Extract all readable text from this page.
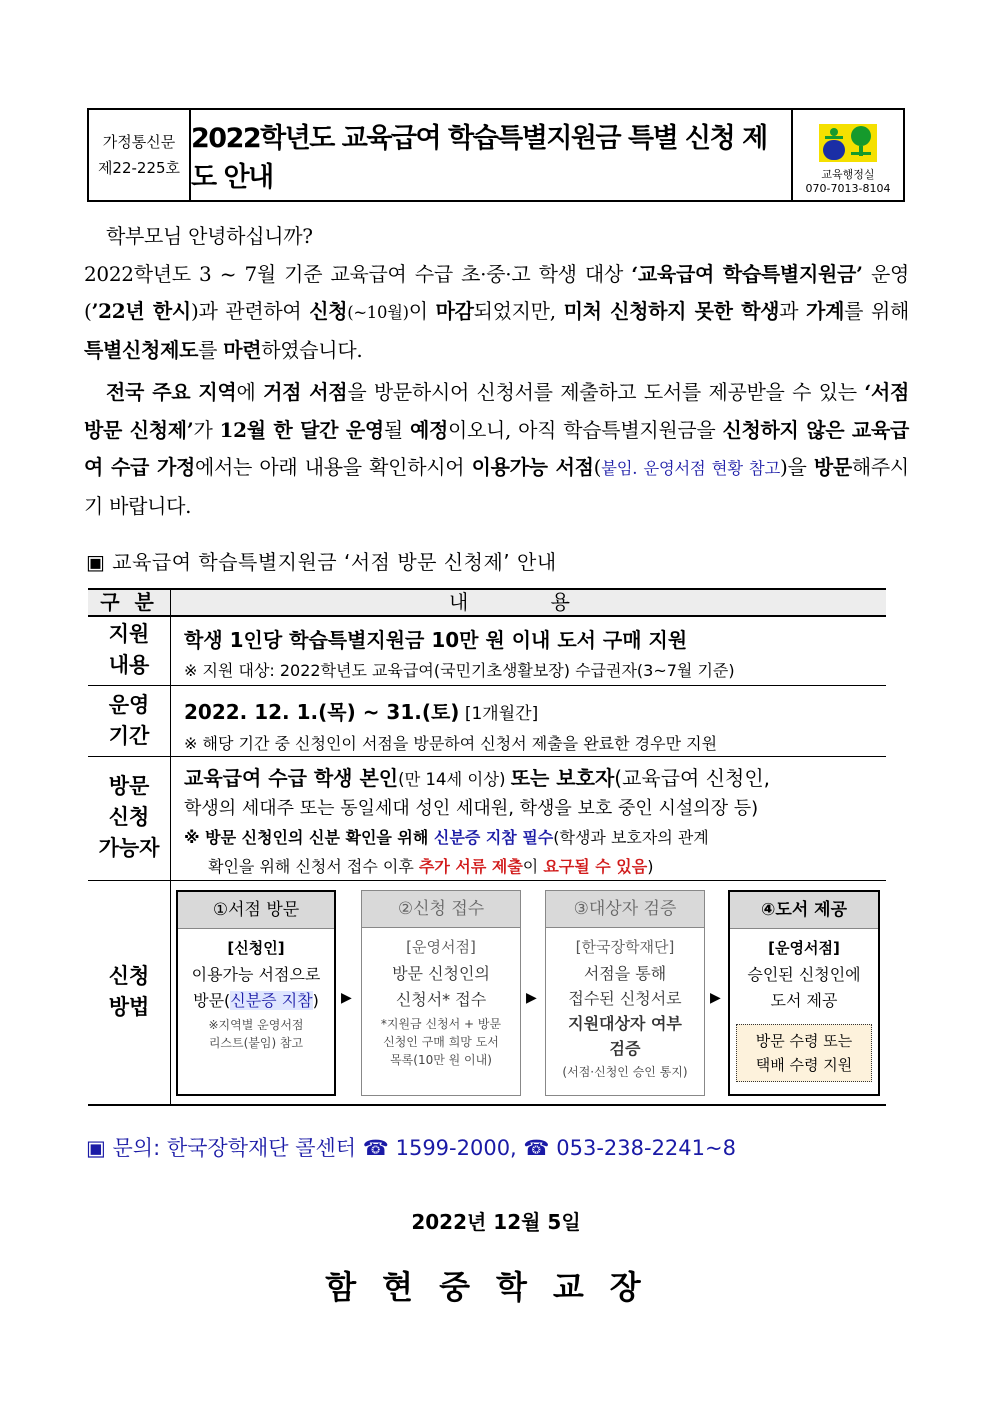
가정통신문
제22-225호
2022학년도 교육급여 학습특별지원금 특별 신청 제도 안내	교육행정실
070-7013-8104

학부모님 안녕하십니까?

2022학년도 3 ~ 7월 기준 교육급여 수급 초·중·고 학생 대상 ‘교육급여 학습특별지원금’ 운영(’22년 한시)과 관련하여 신청(~10월)이 마감되었지만, 미처 신청하지 못한 학생과 가계를 위해 특별신청제도를 마련하였습니다.

전국 주요 지역에 거점 서점을 방문하시어 신청서를 제출하고 도서를 제공받을 수 있는 ‘서점 방문 신청제’가 12월 한 달간 운영될 예정이오니, 아직 학습특별지원금을 신청하지 않은 교육급여 수급 가정에서는 아래 내용을 확인하시어 이용가능 서점(붙임. 운영서점 현황 참고)을 방문해주시기 바랍니다.

▣ 교육급여 학습특별지원금 ‘서점 방문 신청제’ 안내
구 분	내 용
지원
내용
학생 1인당 학습특별지원금 10만 원 이내 도서 구매 지원
※ 지원 대상: 2022학년도 교육급여(국민기초생활보장) 수급권자(3~7월 기준)
운영
기간
2022. 12. 1.(목) ~ 31.(토) [1개월간]
※ 해당 기간 중 신청인이 서점을 방문하여 신청서 제출을 완료한 경우만 지원
방문
신청
가능자
교육급여 수급 학생 본인(만 14세 이상) 또는 보호자(교육급여 신청인,
학생의 세대주 또는 동일세대 성인 세대원, 학생을 보호 중인 시설의장 등)
※ 방문 신청인의 신분 확인을 위해 신분증 지참 필수(학생과 보호자의 관계
확인을 위해 신청서 접수 이후 추가 서류 제출이 요구될 수 있음)
신청
방법
①서점 방문
[신청인]
이용가능 서점으로
방문(신분증 지참)
※지역별 운영서점
리스트(붙임) 참고
▶
②신청 접수
[운영서점]
방문 신청인의
신청서* 접수
*지원금 신청서 + 방문
신청인 구매 희망 도서
목록(10만 원 이내)
▶
③대상자 검증
[한국장학재단]
서점을 통해
접수된 신청서로
지원대상자 여부
검증
(서점·신청인 승인 통지)
▶
④도서 제공
[운영서점]
승인된 신청인에
도서 제공
방문 수령 또는
택배 수령 지원
▣ 문의: 한국장학재단 콜센터 ☎ 1599-2000, ☎ 053-238-2241~8
2022년 12월 5일
함현중학교장
